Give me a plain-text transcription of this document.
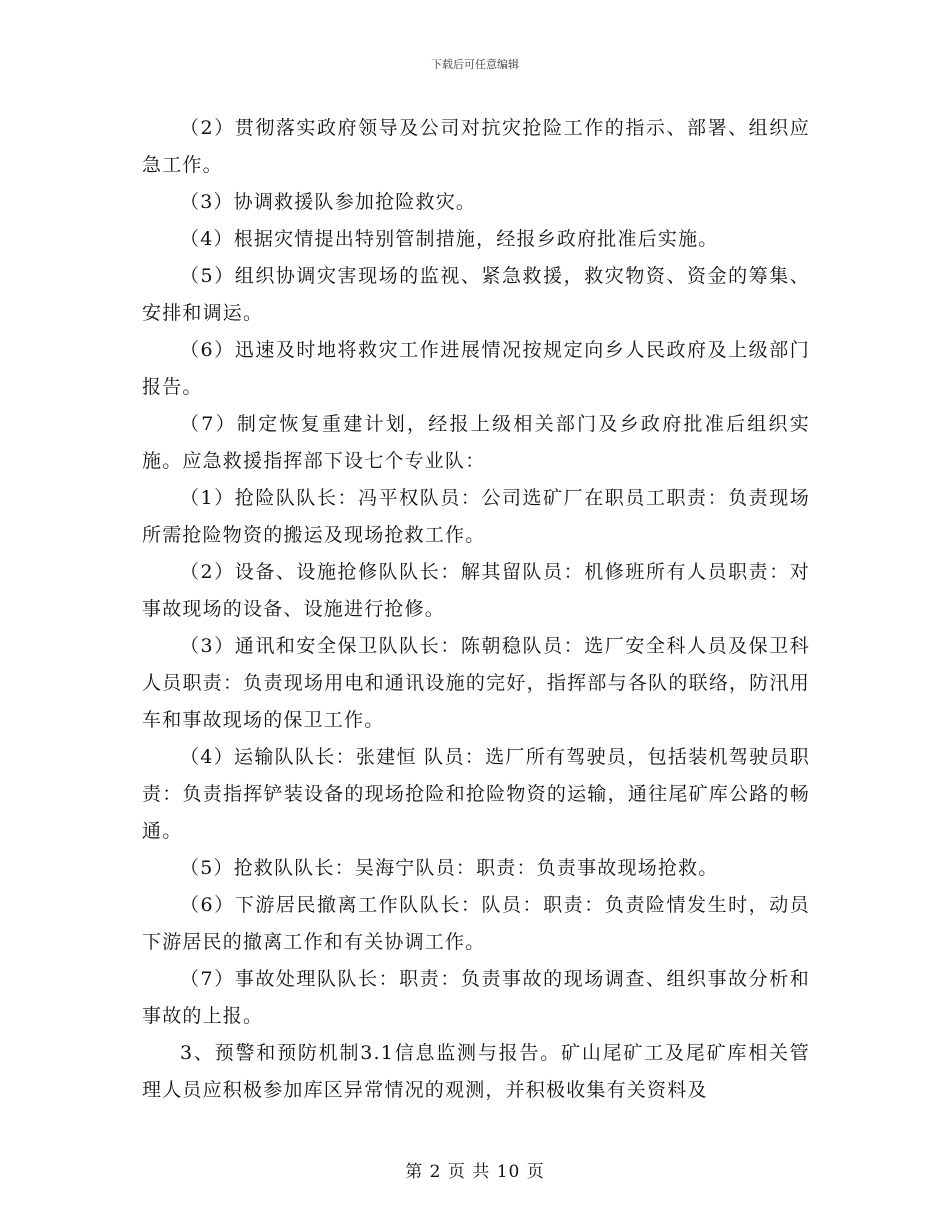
下载后可任意编辑

（2）贯彻落实政府领导及公司对抗灾抢险工作的指示、部署、组织应急工作。

（3）协调救援队参加抢险救灾。

（4）根据灾情提出特别管制措施，经报乡政府批准后实施。

（5）组织协调灾害现场的监视、紧急救援，救灾物资、资金的筹集、安排和调运。

（6）迅速及时地将救灾工作进展情况按规定向乡人民政府及上级部门报告。

（7）制定恢复重建计划，经报上级相关部门及乡政府批准后组织实施。应急救援指挥部下设七个专业队：

（1）抢险队队长：冯平权队员：公司选矿厂在职员工职责：负责现场所需抢险物资的搬运及现场抢救工作。

（2）设备、设施抢修队队长：解其留队员：机修班所有人员职责：对事故现场的设备、设施进行抢修。

（3）通讯和安全保卫队队长：陈朝稳队员：选厂安全科人员及保卫科人员职责：负责现场用电和通讯设施的完好，指挥部与各队的联络，防汛用车和事故现场的保卫工作。

（4）运输队队长：张建恒 队员：选厂所有驾驶员，包括装机驾驶员职责：负责指挥铲装设备的现场抢险和抢险物资的运输，通往尾矿库公路的畅通。

（5）抢救队队长：吴海宁队员：职责：负责事故现场抢救。

（6）下游居民撤离工作队队长：队员：职责：负责险情发生时，动员下游居民的撤离工作和有关协调工作。

（7）事故处理队队长：职责：负责事故的现场调查、组织事故分析和事故的上报。

3、预警和预防机制3.1信息监测与报告。矿山尾矿工及尾矿库相关管理人员应积极参加库区异常情况的观测，并积极收集有关资料及

第 2 页 共 10 页
